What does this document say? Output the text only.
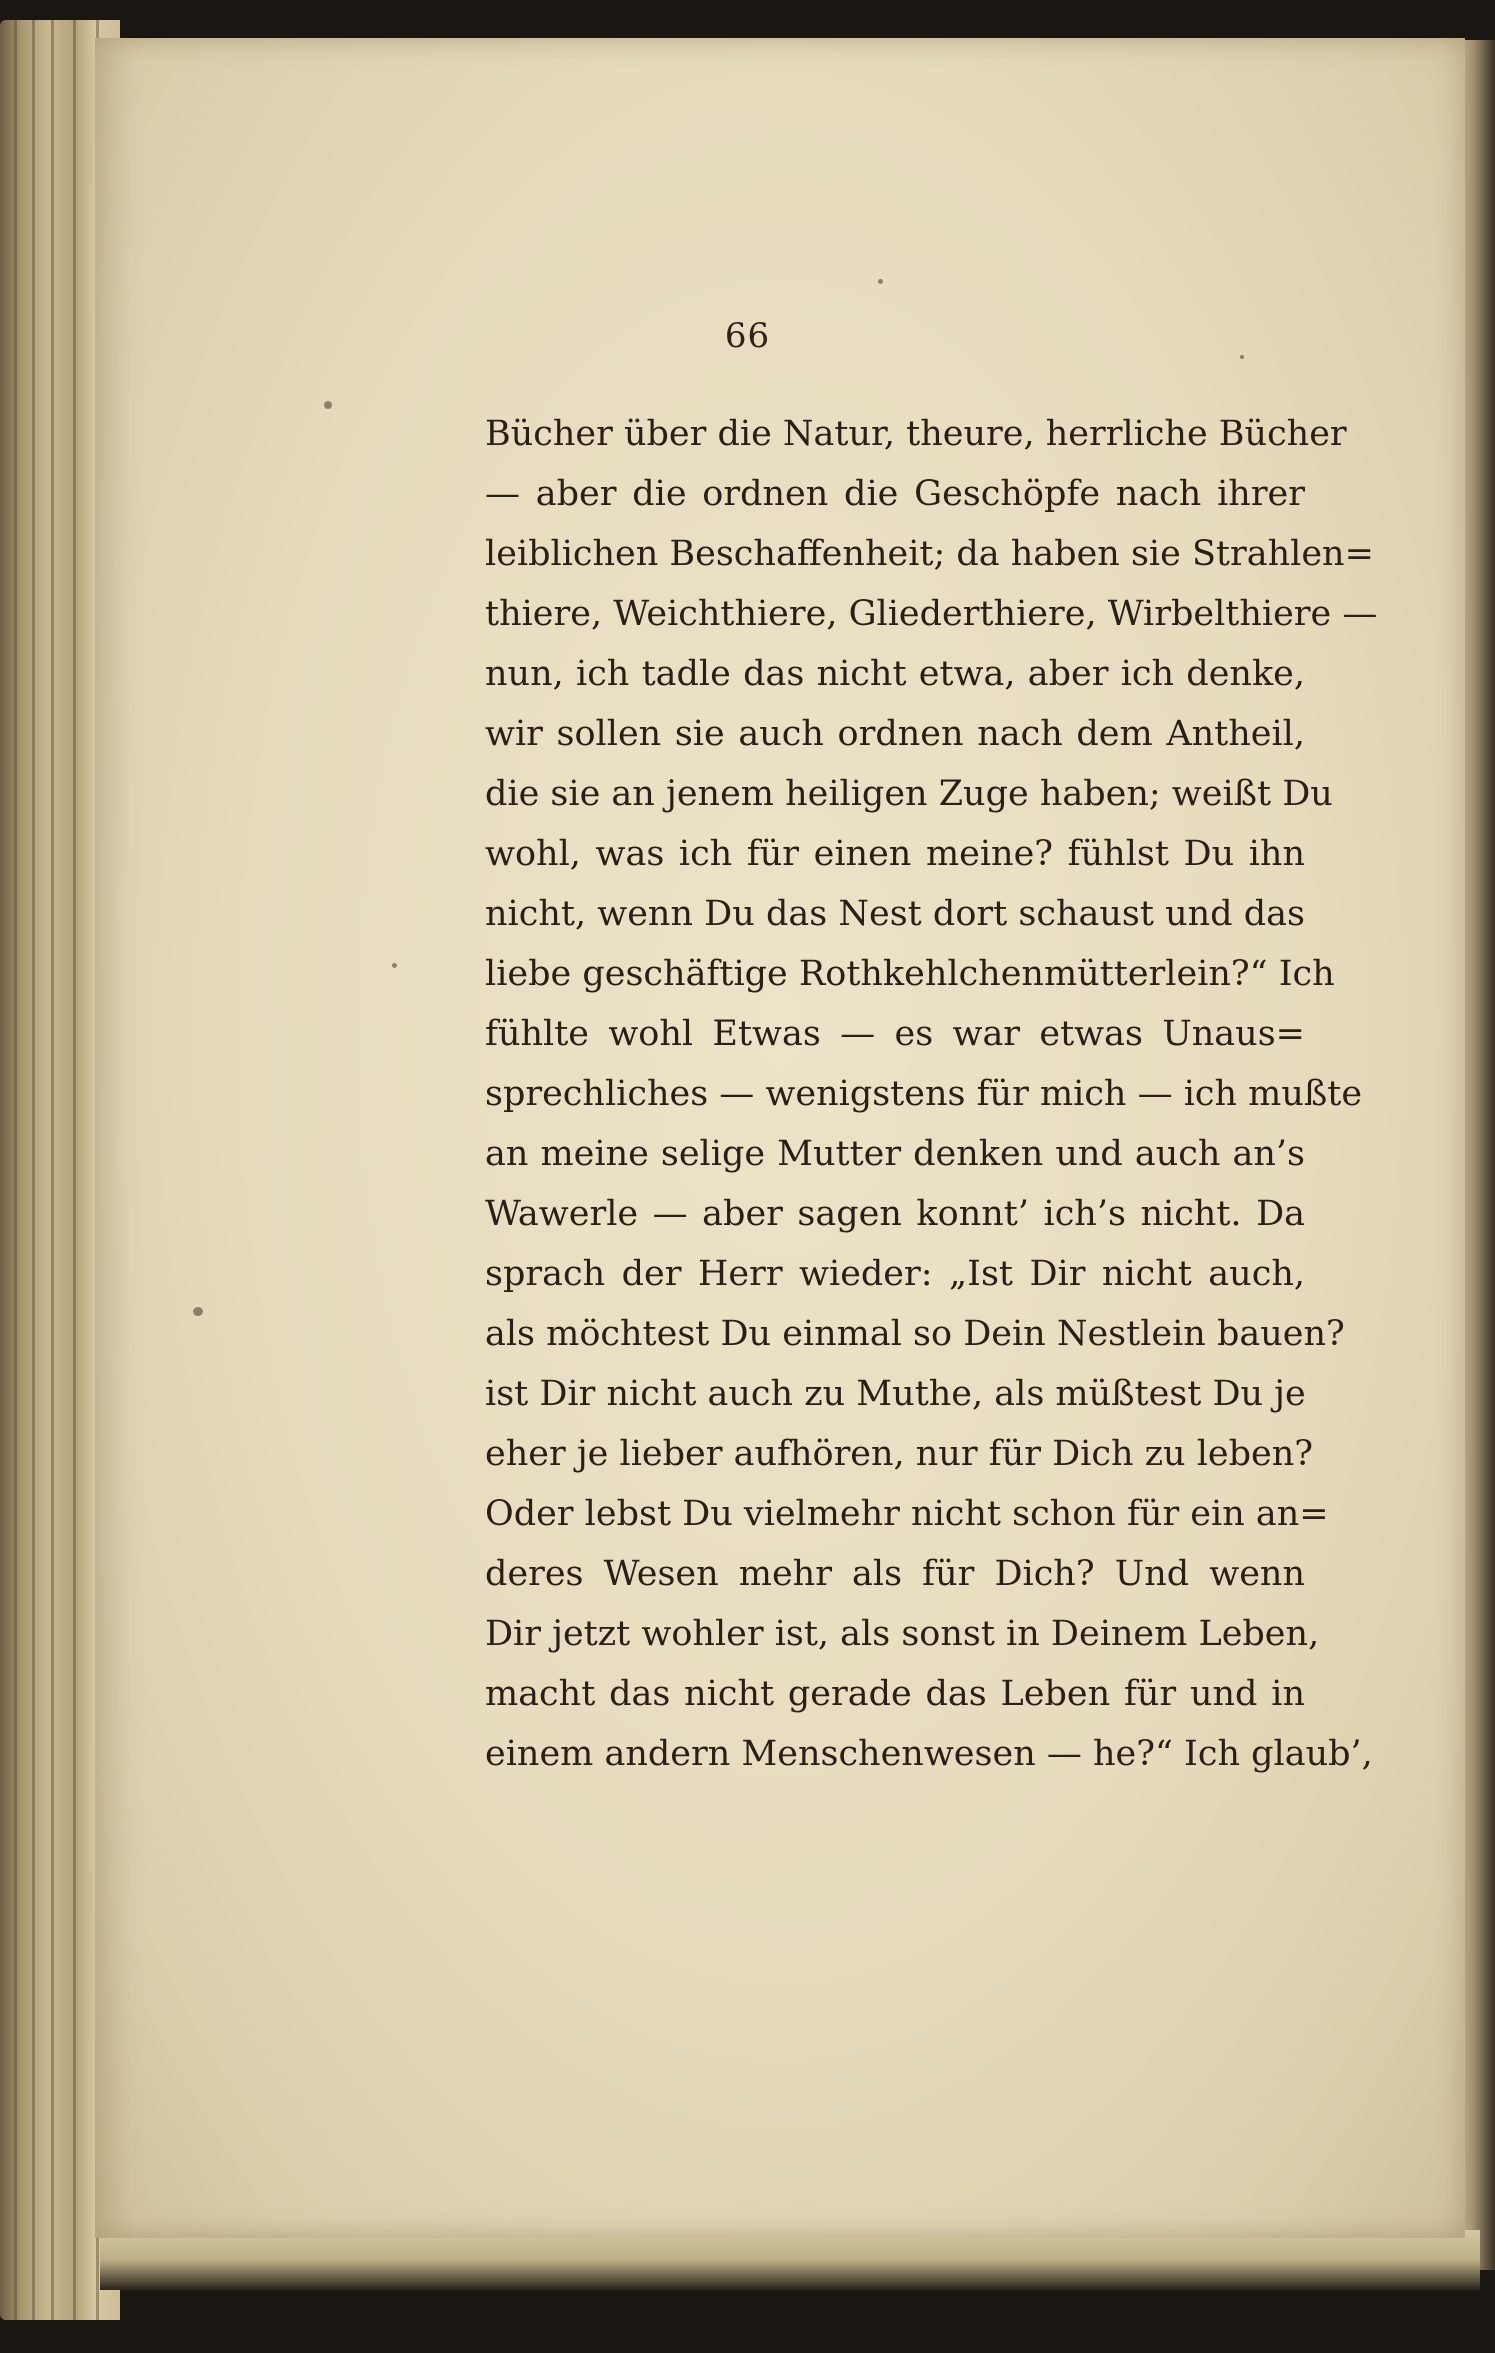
66
Bücher über die Natur, theure, herrliche Bücher
— aber die ordnen die Geschöpfe nach ihrer
leiblichen Beschaffenheit; da haben sie Strahlen=
thiere, Weichthiere, Gliederthiere, Wirbelthiere —
nun, ich tadle das nicht etwa, aber ich denke,
wir sollen sie auch ordnen nach dem Antheil,
die sie an jenem heiligen Zuge haben; weißt Du
wohl, was ich für einen meine? fühlst Du ihn
nicht, wenn Du das Nest dort schaust und das
liebe geschäftige Rothkehlchenmütterlein?“ Ich
fühlte wohl Etwas — es war etwas Unaus=
sprechliches — wenigstens für mich — ich mußte
an meine selige Mutter denken und auch an’s
Wawerle — aber sagen konnt’ ich’s nicht. Da
sprach der Herr wieder: „Ist Dir nicht auch,
als möchtest Du einmal so Dein Nestlein bauen?
ist Dir nicht auch zu Muthe, als müßtest Du je
eher je lieber aufhören, nur für Dich zu leben?
Oder lebst Du vielmehr nicht schon für ein an=
deres Wesen mehr als für Dich? Und wenn
Dir jetzt wohler ist, als sonst in Deinem Leben,
macht das nicht gerade das Leben für und in
einem andern Menschenwesen — he?“ Ich glaub’,
